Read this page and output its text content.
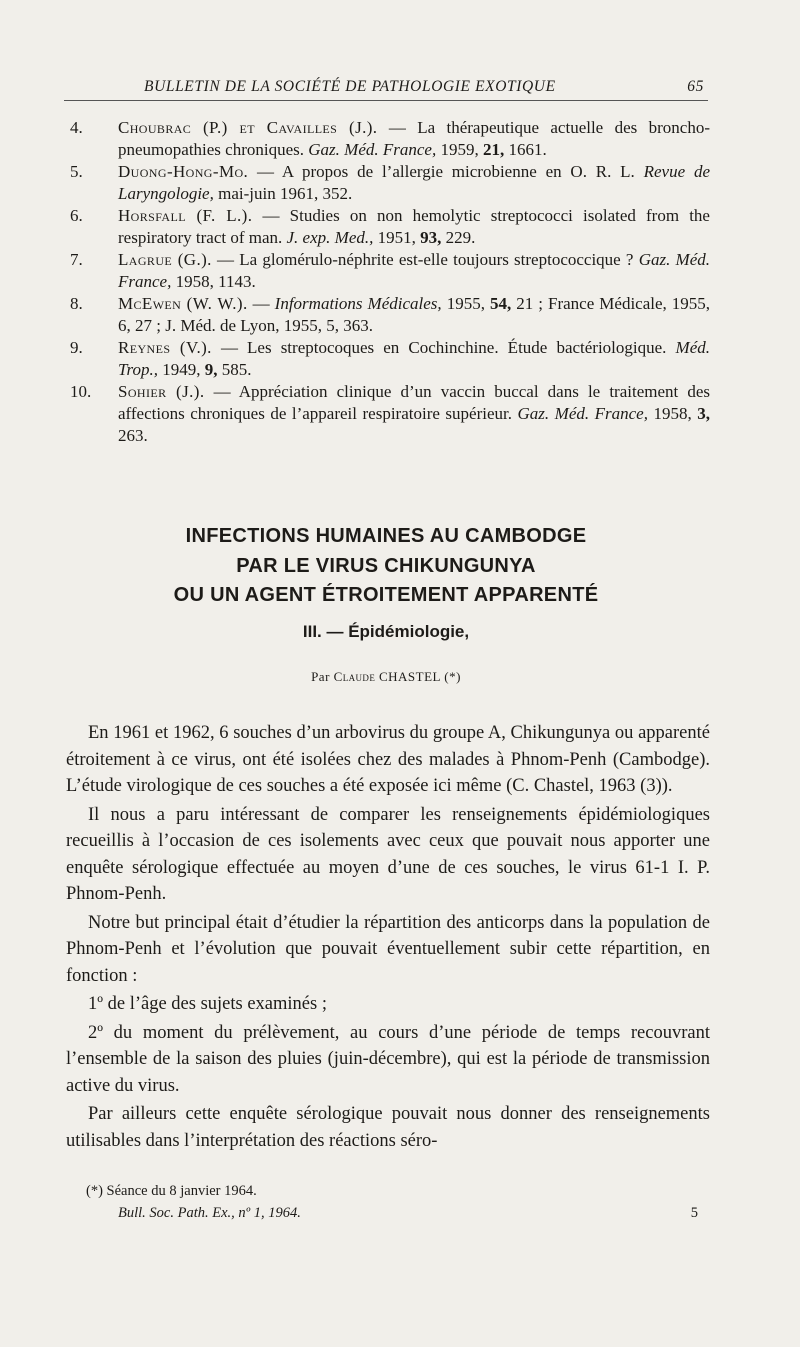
BULLETIN DE LA SOCIÉTÉ DE PATHOLOGIE EXOTIQUE	65
4.	Choubrac (P.) et Cavailles (J.). — La thérapeutique actuelle des broncho-pneumopathies chroniques. Gaz. Méd. France, 1959, 21, 1661.
5.	Duong-Hong-Mo. — A propos de l’allergie microbienne en O. R. L. Revue de Laryngologie, mai-juin 1961, 352.
6.	Horsfall (F. L.). — Studies on non hemolytic streptococci isolated from the respiratory tract of man. J. exp. Med., 1951, 93, 229.
7.	Lagrue (G.). — La glomérulo-néphrite est-elle toujours streptococcique ? Gaz. Méd. France, 1958, 1143.
8.	McEwen (W. W.). — Informations Médicales, 1955, 54, 21 ; France Médicale, 1955, 6, 27 ; J. Méd. de Lyon, 1955, 5, 363.
9.	Reynes (V.). — Les streptocoques en Cochinchine. Étude bactériologique. Méd. Trop., 1949, 9, 585.
10.	Sohier (J.). — Appréciation clinique d’un vaccin buccal dans le traitement des affections chroniques de l’appareil respiratoire supérieur. Gaz. Méd. France, 1958, 3, 263.
INFECTIONS HUMAINES AU CAMBODGE
PAR LE VIRUS CHIKUNGUNYA
OU UN AGENT ÉTROITEMENT APPARENTÉ
III. — Épidémiologie,
Par Claude CHASTEL (*)

En 1961 et 1962, 6 souches d’un arbovirus du groupe A, Chikungunya ou apparenté étroitement à ce virus, ont été isolées chez des malades à Phnom-Penh (Cambodge). L’étude virologique de ces souches a été exposée ici même (C. Chastel, 1963 (3)).

Il nous a paru intéressant de comparer les renseignements épidémiologiques recueillis à l’occasion de ces isolements avec ceux que pouvait nous apporter une enquête sérologique effectuée au moyen d’une de ces souches, le virus 61-1 I. P. Phnom-Penh.

Notre but principal était d’étudier la répartition des anticorps dans la population de Phnom-Penh et l’évolution que pouvait éventuellement subir cette répartition, en fonction :

1º de l’âge des sujets examinés ;

2º du moment du prélèvement, au cours d’une période de temps recouvrant l’ensemble de la saison des pluies (juin-décembre), qui est la période de transmission active du virus.

Par ailleurs cette enquête sérologique pouvait nous donner des renseignements utilisables dans l’interprétation des réactions séro-

(*) Séance du 8 janvier 1964.
Bull. Soc. Path. Ex., nº 1, 1964.	5
